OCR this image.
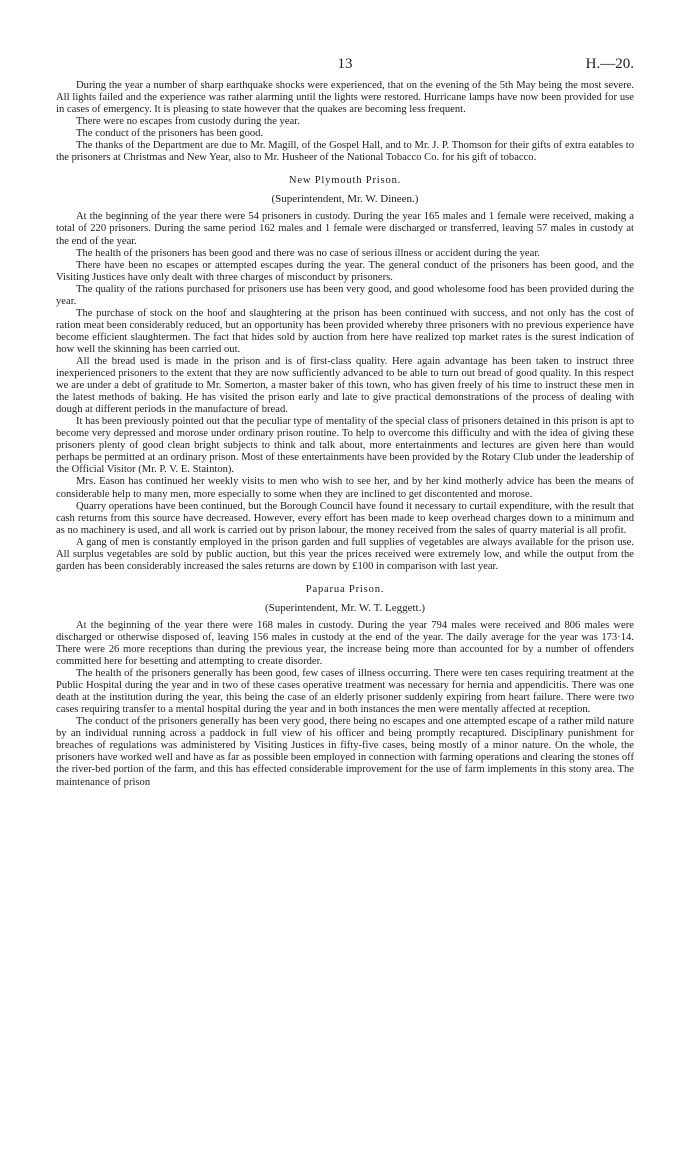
13	H.—20.

During the year a number of sharp earthquake shocks were experienced, that on the evening of the 5th May being the most severe. All lights failed and the experience was rather alarming until the lights were restored. Hurricane lamps have now been provided for use in cases of emergency. It is pleasing to state however that the quakes are becoming less frequent.

There were no escapes from custody during the year.

The conduct of the prisoners has been good.

The thanks of the Department are due to Mr. Magill, of the Gospel Hall, and to Mr. J. P. Thomson for their gifts of extra eatables to the prisoners at Christmas and New Year, also to Mr. Husheer of the National Tobacco Co. for his gift of tobacco.

New Plymouth Prison.
(Superintendent, Mr. W. Dineen.)

At the beginning of the year there were 54 prisoners in custody. During the year 165 males and 1 female were received, making a total of 220 prisoners. During the same period 162 males and 1 female were discharged or transferred, leaving 57 males in custody at the end of the year.

The health of the prisoners has been good and there was no case of serious illness or accident during the year.

There have been no escapes or attempted escapes during the year. The general conduct of the prisoners has been good, and the Visiting Justices have only dealt with three charges of misconduct by prisoners.

The quality of the rations purchased for prisoners use has been very good, and good wholesome food has been provided during the year.

The purchase of stock on the hoof and slaughtering at the prison has been continued with success, and not only has the cost of ration meat been considerably reduced, but an opportunity has been provided whereby three prisoners with no previous experience have become efficient slaughtermen. The fact that hides sold by auction from here have realized top market rates is the surest indication of how well the skinning has been carried out.

All the bread used is made in the prison and is of first-class quality. Here again advantage has been taken to instruct three inexperienced prisoners to the extent that they are now sufficiently advanced to be able to turn out bread of good quality. In this respect we are under a debt of gratitude to Mr. Somerton, a master baker of this town, who has given freely of his time to instruct these men in the latest methods of baking. He has visited the prison early and late to give practical demonstrations of the process of dealing with dough at different periods in the manufacture of bread.

It has been previously pointed out that the peculiar type of mentality of the special class of prisoners detained in this prison is apt to become very depressed and morose under ordinary prison routine. To help to overcome this difficulty and with the idea of giving these prisoners plenty of good clean bright subjects to think and talk about, more entertainments and lectures are given here than would perhaps be permitted at an ordinary prison. Most of these entertainments have been provided by the Rotary Club under the leadership of the Official Visitor (Mr. P. V. E. Stainton).

Mrs. Eason has continued her weekly visits to men who wish to see her, and by her kind motherly advice has been the means of considerable help to many men, more especially to some when they are inclined to get discontented and morose.

Quarry operations have been continued, but the Borough Council have found it necessary to curtail expenditure, with the result that cash returns from this source have decreased. However, every effort has been made to keep overhead charges down to a minimum and as no machinery is used, and all work is carried out by prison labour, the money received from the sales of quarry material is all profit.

A gang of men is constantly employed in the prison garden and full supplies of vegetables are always available for the prison use. All surplus vegetables are sold by public auction, but this year the prices received were extremely low, and while the output from the garden has been considerably increased the sales returns are down by £100 in comparison with last year.

Paparua Prison.
(Superintendent, Mr. W. T. Leggett.)

At the beginning of the year there were 168 males in custody. During the year 794 males were received and 806 males were discharged or otherwise disposed of, leaving 156 males in custody at the end of the year. The daily average for the year was 173·14. There were 26 more receptions than during the previous year, the increase being more than accounted for by a number of offenders committed here for besetting and attempting to create disorder.

The health of the prisoners generally has been good, few cases of illness occurring. There were ten cases requiring treatment at the Public Hospital during the year and in two of these cases operative treatment was necessary for hernia and appendicitis. There was one death at the institution during the year, this being the case of an elderly prisoner suddenly expiring from heart failure. There were two cases requiring transfer to a mental hospital during the year and in both instances the men were mentally affected at reception.

The conduct of the prisoners generally has been very good, there being no escapes and one attempted escape of a rather mild nature by an individual running across a paddock in full view of his officer and being promptly recaptured. Disciplinary punishment for breaches of regulations was administered by Visiting Justices in fifty-five cases, being mostly of a minor nature. On the whole, the prisoners have worked well and have as far as possible been employed in connection with farming operations and clearing the stones off the river-bed portion of the farm, and this has effected considerable improvement for the use of farm implements in this stony area. The maintenance of prison
